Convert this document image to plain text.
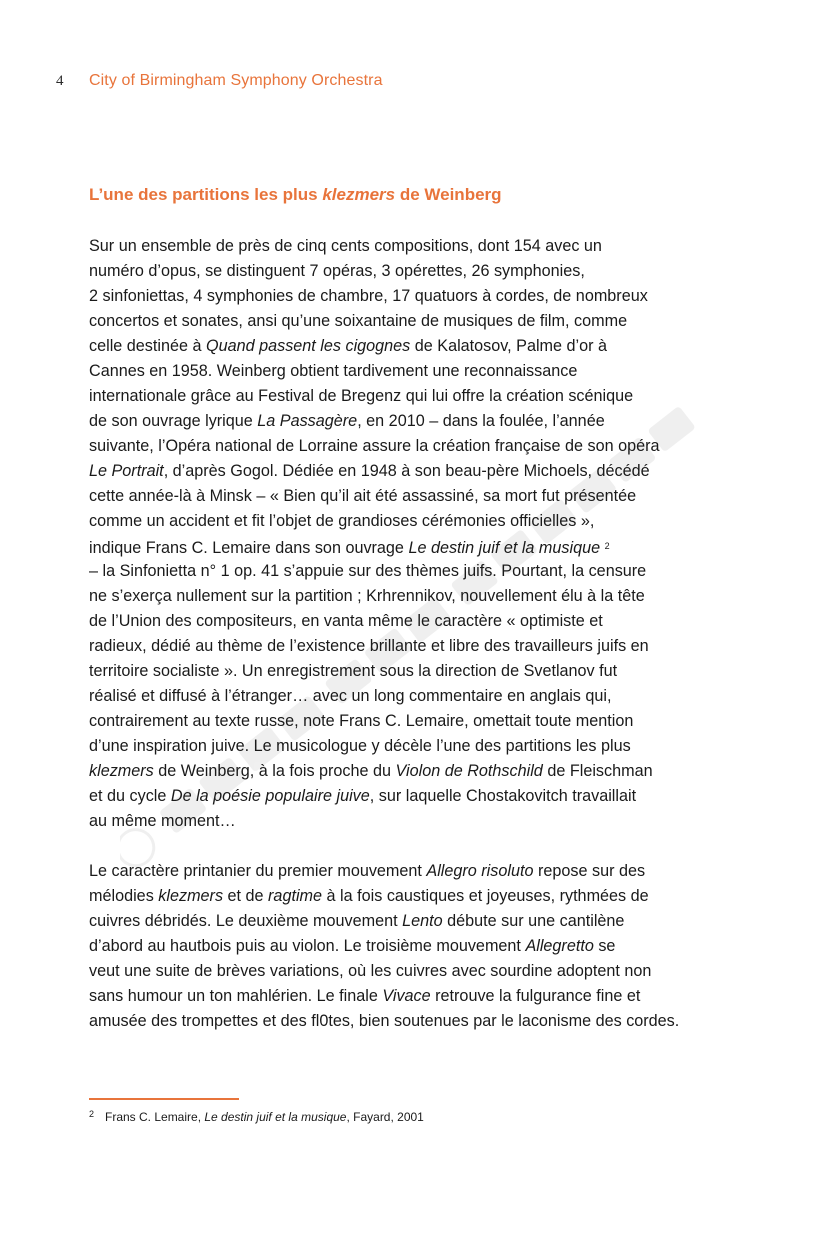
4 City of Birmingham Symphony Orchestra
L’une des partitions les plus klezmers de Weinberg
Sur un ensemble de près de cinq cents compositions, dont 154 avec un
numéro d’opus, se distinguent 7 opéras, 3 opérettes, 26 symphonies,
2 sinfoniettas, 4 symphonies de chambre, 17 quatuors à cordes, de nombreux
concertos et sonates, ansi qu’une soixantaine de musiques de film, comme
celle destinée à Quand passent les cigognes de Kalatosov, Palme d’or à
Cannes en 1958. Weinberg obtient tardivement une reconnaissance
internationale grâce au Festival de Bregenz qui lui offre la création scénique
de son ouvrage lyrique La Passagère, en 2010 – dans la foulée, l’année
suivante, l’Opéra national de Lorraine assure la création française de son opéra
Le Portrait, d’après Gogol. Dédiée en 1948 à son beau-père Michoels, décédé
cette année-là à Minsk – « Bien qu’il ait été assassiné, sa mort fut présentée
comme un accident et fit l’objet de grandioses cérémonies officielles »,
indique Frans C. Lemaire dans son ouvrage Le destin juif et la musique $^2$
– la Sinfonietta n° 1 op. 41 s’appuie sur des thèmes juifs. Pourtant, la censure
ne s’exerça nullement sur la partition ; Krhrennikov, nouvellement élu à la tête
de l’Union des compositeurs, en vanta même le caractère « optimiste et
radieux, dédié au thème de l’existence brillante et libre des travailleurs juifs en
territoire socialiste ». Un enregistrement sous la direction de Svetlanov fut
réalisé et diffusé à l’étranger… avec un long commentaire en anglais qui,
contrairement au texte russe, note Frans C. Lemaire, omettait toute mention
d’une inspiration juive. Le musicologue y décèle l’une des partitions les plus
klezmers de Weinberg, à la fois proche du Violon de Rothschild de Fleischman
et du cycle De la poésie populaire juive, sur laquelle Chostakovitch travaillait
au même moment…
Le caractère printanier du premier mouvement Allegro risoluto repose sur des
mélodies klezmers et de ragtime à la fois caustiques et joyeuses, rythmées de
cuivres débridés. Le deuxième mouvement Lento débute sur une cantilène
d’abord au hautbois puis au violon. Le troisième mouvement Allegretto se
veut une suite de brèves variations, où les cuivres avec sourdine adoptent non
sans humour un ton mahlérien. Le finale Vivace retrouve la fulgurance fine et
amusée des trompettes et des fl0tes, bien soutenues par le laconisme des cordes.
$^2$ Frans C. Lemaire, Le destin juif et la musique, Fayard, 2001
